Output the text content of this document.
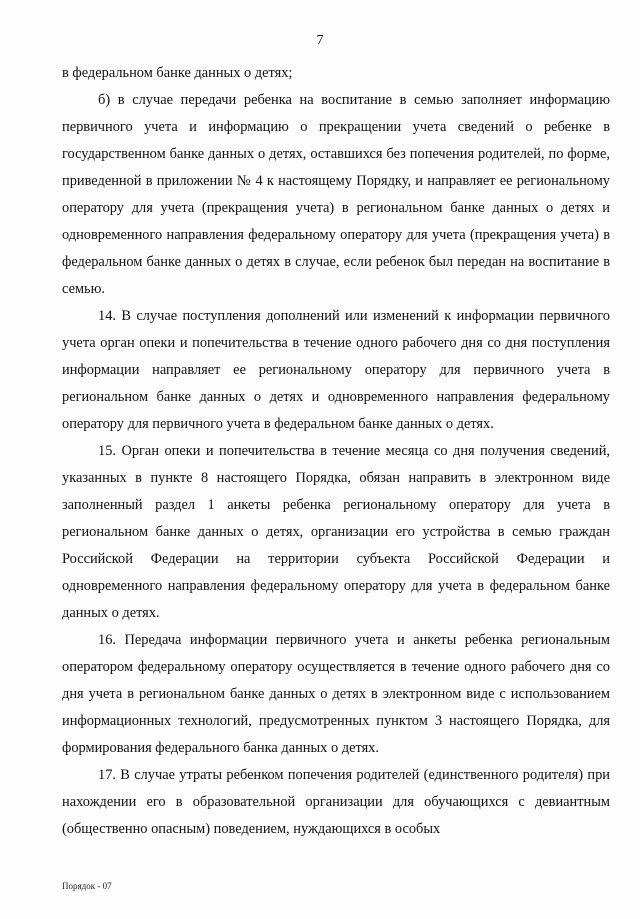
7

в федеральном банке данных о детях;

б) в случае передачи ребенка на воспитание в семью заполняет информацию первичного учета и информацию о прекращении учета сведений о ребенке в государственном банке данных о детях, оставшихся без попечения родителей, по форме, приведенной в приложении № 4 к настоящему Порядку, и направляет ее региональному оператору для учета (прекращения учета) в региональном банке данных о детях и одновременного направления федеральному оператору для учета (прекращения учета) в федеральном банке данных о детях в случае, если ребенок был передан на воспитание в семью.

14. В случае поступления дополнений или изменений к информации первичного учета орган опеки и попечительства в течение одного рабочего дня со дня поступления информации направляет ее региональному оператору для первичного учета в региональном банке данных о детях и одновременного направления федеральному оператору для первичного учета в федеральном банке данных о детях.

15. Орган опеки и попечительства в течение месяца со дня получения сведений, указанных в пункте 8 настоящего Порядка, обязан направить в электронном виде заполненный раздел 1 анкеты ребенка региональному оператору для учета в региональном банке данных о детях, организации его устройства в семью граждан Российской Федерации на территории субъекта Российской Федерации и одновременного направления федеральному оператору для учета в федеральном банке данных о детях.

16. Передача информации первичного учета и анкеты ребенка региональным оператором федеральному оператору осуществляется в течение одного рабочего дня со дня учета в региональном банке данных о детях в электронном виде с использованием информационных технологий, предусмотренных пунктом 3 настоящего Порядка, для формирования федерального банка данных о детях.

17. В случае утраты ребенком попечения родителей (единственного родителя) при нахождении его в образовательной организации для обучающихся с девиантным (общественно опасным) поведением, нуждающихся в особых

Порядок - 07
